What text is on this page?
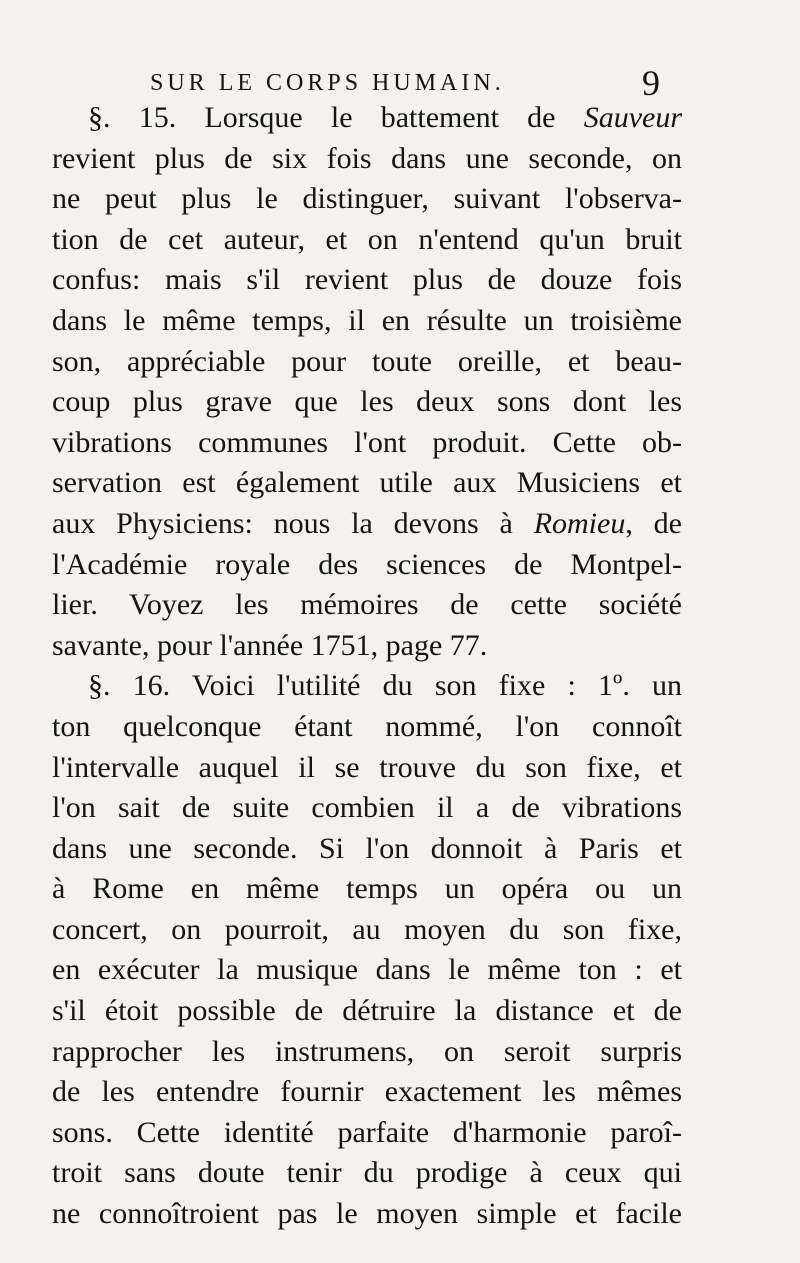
SUR LE CORPS HUMAIN.	9
§. 15. Lorsque le battement de Sauveur
revient plus de six fois dans une seconde, on
ne peut plus le distinguer, suivant l'observa-
tion de cet auteur, et on n'entend qu'un bruit
confus: mais s'il revient plus de douze fois
dans le même temps, il en résulte un troisième
son, appréciable pour toute oreille, et beau-
coup plus grave que les deux sons dont les
vibrations communes l'ont produit. Cette ob-
servation est également utile aux Musiciens et
aux Physiciens: nous la devons à Romieu, de
l'Académie royale des sciences de Montpel-
lier. Voyez les mémoires de cette société
savante, pour l'année 1751, page 77.
§. 16. Voici l'utilité du son fixe : 1º. un
ton quelconque étant nommé, l'on connoît
l'intervalle auquel il se trouve du son fixe, et
l'on sait de suite combien il a de vibrations
dans une seconde. Si l'on donnoit à Paris et
à Rome en même temps un opéra ou un
concert, on pourroit, au moyen du son fixe,
en exécuter la musique dans le même ton : et
s'il étoit possible de détruire la distance et de
rapprocher les instrumens, on seroit surpris
de les entendre fournir exactement les mêmes
sons. Cette identité parfaite d'harmonie paroî-
troit sans doute tenir du prodige à ceux qui
ne connoîtroient pas le moyen simple et facile
